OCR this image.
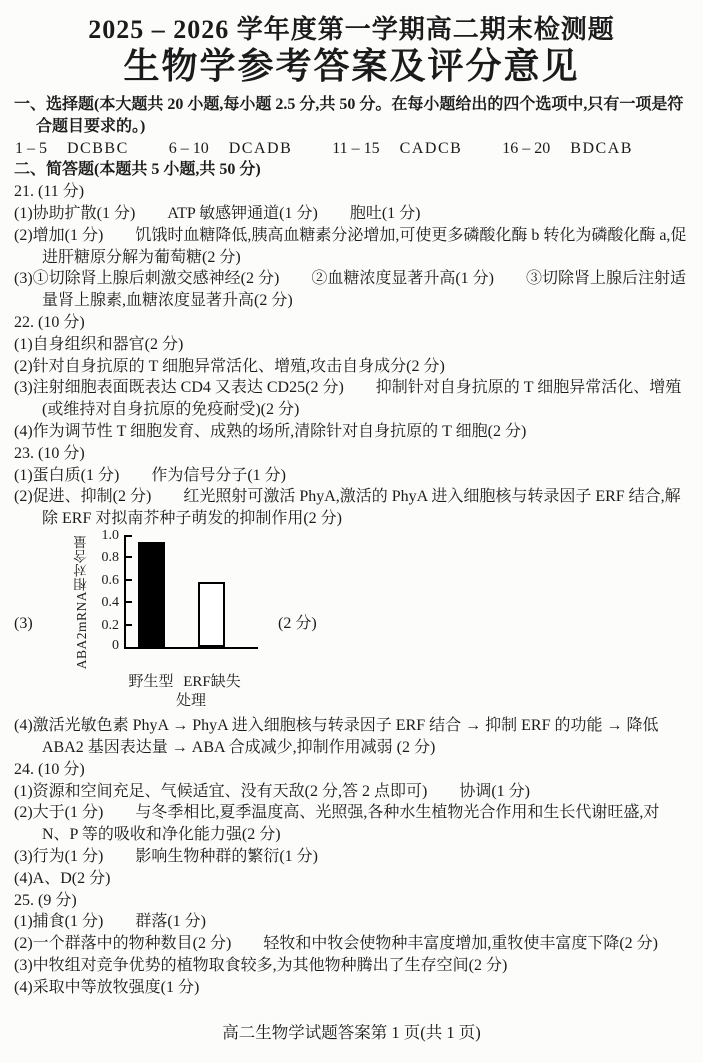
2025 – 2026 学年度第一学期高二期末检测题
生物学参考答案及评分意见

一、选择题(本大题共 20 小题,每小题 2.5 分,共 50 分。在每小题给出的四个选项中,只有一项是符合题目要求的。)

1 – 5 DCBBC	6 – 10 DCADB	11 – 15 CADCB	16 – 20 BDCAB

二、简答题(本题共 5 小题,共 50 分)

21. (11 分)

(1)协助扩散(1 分)　　ATP 敏感钾通道(1 分)　　胞吐(1 分)

(2)增加(1 分)　　饥饿时血糖降低,胰高血糖素分泌增加,可使更多磷酸化酶 b 转化为磷酸化酶 a,促进肝糖原分解为葡萄糖(2 分)

(3)①切除肾上腺后刺激交感神经(2 分)　　②血糖浓度显著升高(1 分)　　③切除肾上腺后注射适量肾上腺素,血糖浓度显著升高(2 分)

22. (10 分)

(1)自身组织和器官(2 分)

(2)针对自身抗原的 T 细胞异常活化、增殖,攻击自身成分(2 分)

(3)注射细胞表面既表达 CD4 又表达 CD25(2 分)　　抑制针对自身抗原的 T 细胞异常活化、增殖(或维持对自身抗原的免疫耐受)(2 分)

(4)作为调节性 T 细胞发育、成熟的场所,清除针对自身抗原的 T 细胞(2 分)

23. (10 分)

(1)蛋白质(1 分)　　作为信号分子(1 分)

(2)促进、抑制(2 分)　　红光照射可激活 PhyA,激活的 PhyA 进入细胞核与转录因子 ERF 结合,解除 ERF 对拟南芥种子萌发的抑制作用(2 分)

(3)	ABA2mRNA相对含量 1.0
0.8
0.6
0.4
0.2
0
野生型 ERF缺失
处理
(2 分)

(4)激活光敏色素 PhyA → PhyA 进入细胞核与转录因子 ERF 结合 → 抑制 ERF 的功能 → 降低 ABA2 基因表达量 → ABA 合成减少,抑制作用减弱 (2 分)

24. (10 分)

(1)资源和空间充足、气候适宜、没有天敌(2 分,答 2 点即可)　　协调(1 分)

(2)大于(1 分)　　与冬季相比,夏季温度高、光照强,各种水生植物光合作用和生长代谢旺盛,对 N、P 等的吸收和净化能力强(2 分)

(3)行为(1 分)　　影响生物种群的繁衍(1 分)

(4)A、D(2 分)

25. (9 分)

(1)捕食(1 分)　　群落(1 分)

(2)一个群落中的物种数目(2 分)　　轻牧和中牧会使物种丰富度增加,重牧使丰富度下降(2 分)

(3)中牧组对竞争优势的植物取食较多,为其他物种腾出了生存空间(2 分)

(4)采取中等放牧强度(1 分)

高二生物学试题答案第 1 页(共 1 页)
